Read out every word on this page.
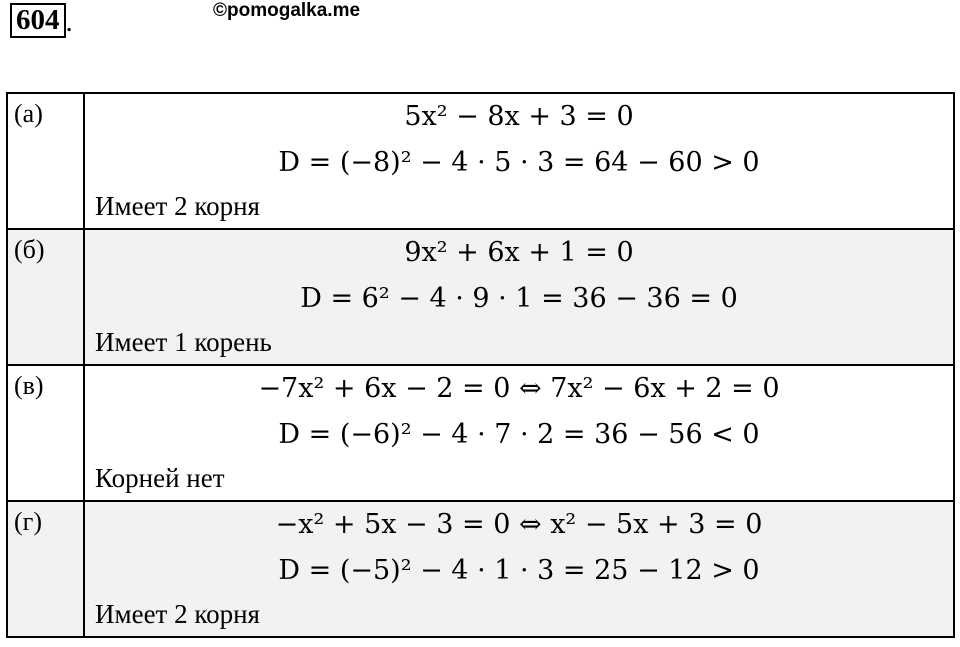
604 .	©pomogalka.me
(а)	5x² − 8x + 3 = 0
D = (−8)² − 4 · 5 · 3 = 64 − 60 > 0
Имеет 2 корня

(б)	9x² + 6x + 1 = 0
D = 6² − 4 · 9 · 1 = 36 − 36 = 0
Имеет 1 корень

(в)	−7x² + 6x − 2 = 0 ⇔ 7x² − 6x + 2 = 0
D = (−6)² − 4 · 7 · 2 = 36 − 56 < 0
Корней нет

(г)	−x² + 5x − 3 = 0 ⇔ x² − 5x + 3 = 0
D = (−5)² − 4 · 1 · 3 = 25 − 12 > 0
Имеет 2 корня
